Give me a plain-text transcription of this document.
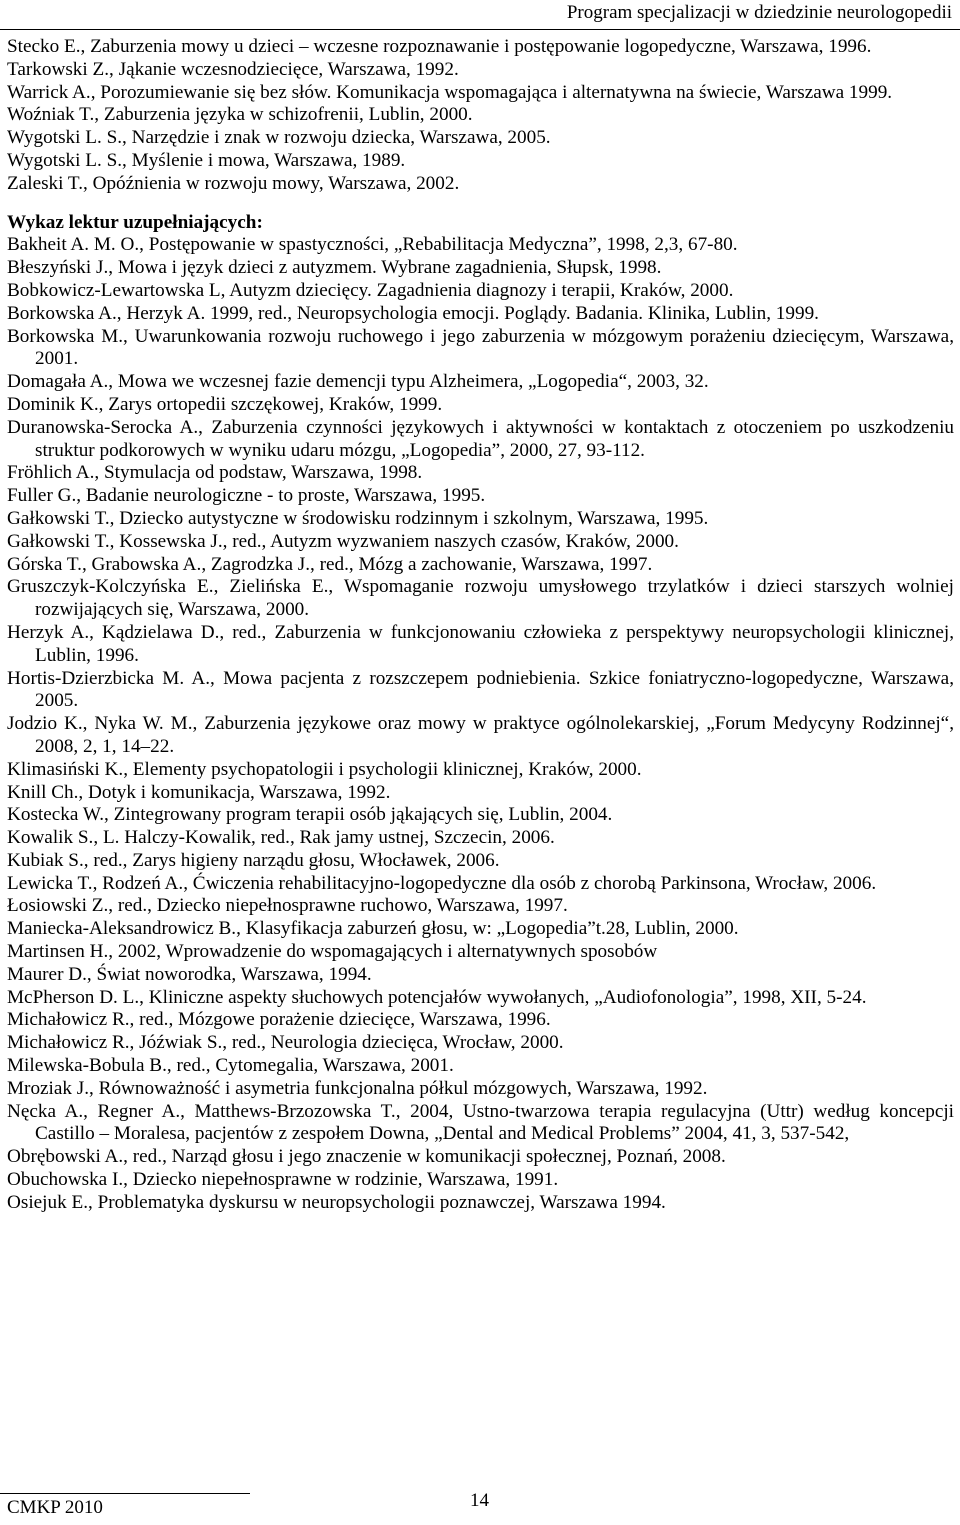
Program specjalizacji w dziedzinie neurologopedii
Stecko E., Zaburzenia mowy u dzieci – wczesne rozpoznawanie i postępowanie logopedyczne, Warszawa, 1996.
Tarkowski Z., Jąkanie wczesnodziecięce, Warszawa, 1992.
Warrick A., Porozumiewanie się bez słów. Komunikacja wspomagająca i alternatywna na świecie, Warszawa 1999.
Woźniak T., Zaburzenia języka w schizofrenii, Lublin, 2000.
Wygotski L. S., Narzędzie i znak w rozwoju dziecka, Warszawa, 2005.
Wygotski L. S., Myślenie i mowa, Warszawa, 1989.
Zaleski T., Opóźnienia w rozwoju mowy, Warszawa, 2002.
Wykaz lektur uzupełniających:
Bakheit A. M. O., Postępowanie w spastyczności, „Rebabilitacja Medyczna”, 1998, 2,3, 67-80.
Błeszyński J., Mowa i język dzieci z autyzmem. Wybrane zagadnienia, Słupsk, 1998.
Bobkowicz-Lewartowska L, Autyzm dziecięcy. Zagadnienia diagnozy i terapii, Kraków, 2000.
Borkowska A., Herzyk A. 1999, red., Neuropsychologia emocji. Poglądy. Badania. Klinika, Lublin, 1999.
Borkowska M., Uwarunkowania rozwoju ruchowego i jego zaburzenia w mózgowym porażeniu dziecięcym, Warszawa, 2001.
Domagała A., Mowa we wczesnej fazie demencji typu Alzheimera, „Logopedia“, 2003, 32.
Dominik K., Zarys ortopedii szczękowej, Kraków, 1999.
Duranowska-Serocka A., Zaburzenia czynności językowych i aktywności w kontaktach z otoczeniem po uszkodzeniu struktur podkorowych w wyniku udaru mózgu, „Logopedia”, 2000, 27, 93-112.
Fröhlich A., Stymulacja od podstaw, Warszawa, 1998.
Fuller G., Badanie neurologiczne - to proste, Warszawa, 1995.
Gałkowski T., Dziecko autystyczne w środowisku rodzinnym i szkolnym, Warszawa, 1995.
Gałkowski T., Kossewska J., red., Autyzm wyzwaniem naszych czasów, Kraków, 2000.
Górska T., Grabowska A., Zagrodzka J., red., Mózg a zachowanie, Warszawa, 1997.
Gruszczyk-Kolczyńska E., Zielińska E., Wspomaganie rozwoju umysłowego trzylatków i dzieci starszych wolniej rozwijających się, Warszawa, 2000.
Herzyk A., Kądzielawa D., red., Zaburzenia w funkcjonowaniu człowieka z perspektywy neuropsychologii klinicznej, Lublin, 1996.
Hortis-Dzierzbicka M. A., Mowa pacjenta z rozszczepem podniebienia. Szkice foniatryczno-logopedyczne, Warszawa, 2005.
Jodzio K., Nyka W. M., Zaburzenia językowe oraz mowy w praktyce ogólnolekarskiej, „Forum Medycyny Rodzinnej“, 2008, 2, 1, 14–22.
Klimasiński K., Elementy psychopatologii i psychologii klinicznej, Kraków, 2000.
Knill Ch., Dotyk i komunikacja, Warszawa, 1992.
Kostecka W., Zintegrowany program terapii osób jąkających się, Lublin, 2004.
Kowalik S., L. Halczy-Kowalik, red., Rak jamy ustnej, Szczecin, 2006.
Kubiak S., red., Zarys higieny narządu głosu, Włocławek, 2006.
Lewicka T., Rodzeń A., Ćwiczenia rehabilitacyjno-logopedyczne dla osób z chorobą Parkinsona, Wrocław, 2006.
Łosiowski Z., red., Dziecko niepełnosprawne ruchowo, Warszawa, 1997.
Maniecka-Aleksandrowicz B., Klasyfikacja zaburzeń głosu, w: „Logopedia”t.28, Lublin, 2000.
Martinsen H., 2002, Wprowadzenie do wspomagających i alternatywnych sposobów
Maurer D., Świat noworodka, Warszawa, 1994.
McPherson D. L., Kliniczne aspekty słuchowych potencjałów wywołanych, „Audiofonologia”, 1998, XII, 5-24.
Michałowicz R., red., Mózgowe porażenie dziecięce, Warszawa, 1996.
Michałowicz R., Jóźwiak S., red., Neurologia dziecięca, Wrocław, 2000.
Milewska-Bobula B., red., Cytomegalia, Warszawa, 2001.
Mroziak J., Równoważność i asymetria funkcjonalna półkul mózgowych, Warszawa, 1992.
Nęcka A., Regner A., Matthews-Brzozowska T., 2004, Ustno-twarzowa terapia regulacyjna (Uttr) według koncepcji Castillo – Moralesa, pacjentów z zespołem Downa, „Dental and Medical Problems” 2004, 41, 3, 537-542,
Obrębowski A., red., Narząd głosu i jego znaczenie w komunikacji społecznej, Poznań, 2008.
Obuchowska I., Dziecko niepełnosprawne w rodzinie, Warszawa, 1991.
Osiejuk E., Problematyka dyskursu w neuropsychologii poznawczej, Warszawa 1994.
CMKP 2010	14
